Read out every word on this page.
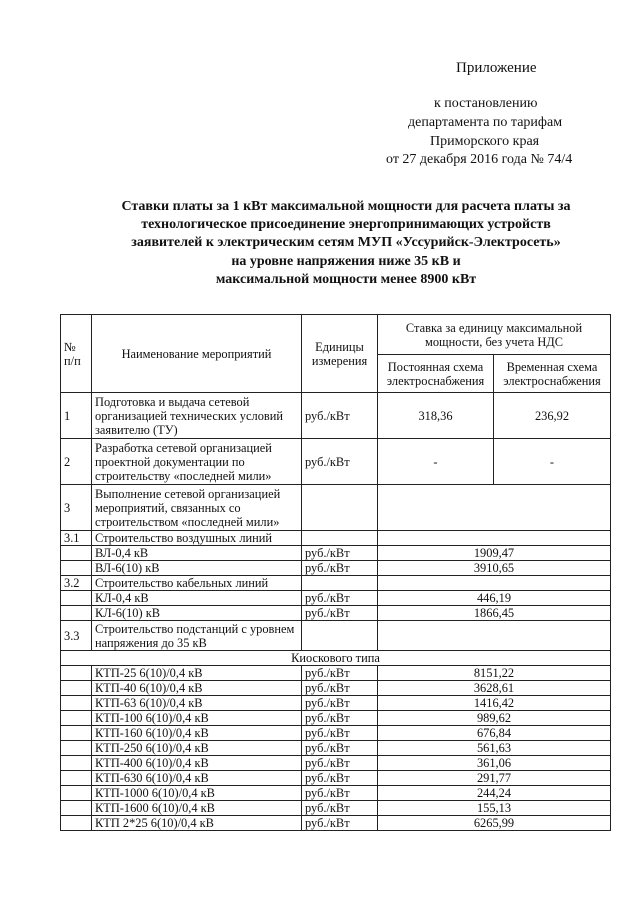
Приложение
к постановлению
департамента по тарифам
Приморского края
от 27 декабря 2016 года № 74/4
Ставки платы за 1 кВт максимальной мощности для расчета платы за
технологическое присоединение энергопринимающих устройств
заявителей к электрическим сетям МУП «Уссурийск-Электросеть»
на уровне напряжения ниже 35 кВ и
максимальной мощности менее 8900 кВт
№ п/п	Наименование мероприятий	Единицы измерения	Ставка за единицу максимальной мощности, без учета НДС	
			Постоянная схема электроснабжения	Временная схема электроснабжения
1	Подготовка и выдача сетевой организацией технических условий заявителю (ТУ)	руб./кВт	318,36	236,92
2	Разработка сетевой организацией проектной документации по строительству «последней мили»	руб./кВт	-	-
3	Выполнение сетевой организацией мероприятий, связанных со строительством «последней мили»			
3.1	Строительство воздушных линий			
	ВЛ-0,4 кВ	руб./кВт	1909,47	
	ВЛ-6(10) кВ	руб./кВт	3910,65	
3.2	Строительство кабельных линий			
	КЛ-0,4 кВ	руб./кВт	446,19	
	КЛ-6(10) кВ	руб./кВт	1866,45	
3.3	Строительство подстанций с уровнем напряжения до 35 кВ			
Киоскового типа				
	КТП-25 6(10)/0,4 кВ	руб./кВт	8151,22	
	КТП-40 6(10)/0,4 кВ	руб./кВт	3628,61	
	КТП-63 6(10)/0,4 кВ	руб./кВт	1416,42	
	КТП-100 6(10)/0,4 кВ	руб./кВт	989,62	
	КТП-160 6(10)/0,4 кВ	руб./кВт	676,84	
	КТП-250 6(10)/0,4 кВ	руб./кВт	561,63	
	КТП-400 6(10)/0,4 кВ	руб./кВт	361,06	
	КТП-630 6(10)/0,4 кВ	руб./кВт	291,77	
	КТП-1000 6(10)/0,4 кВ	руб./кВт	244,24	
	КТП-1600 6(10)/0,4 кВ	руб./кВт	155,13	
	КТП 2*25 6(10)/0,4 кВ	руб./кВт	6265,99	
